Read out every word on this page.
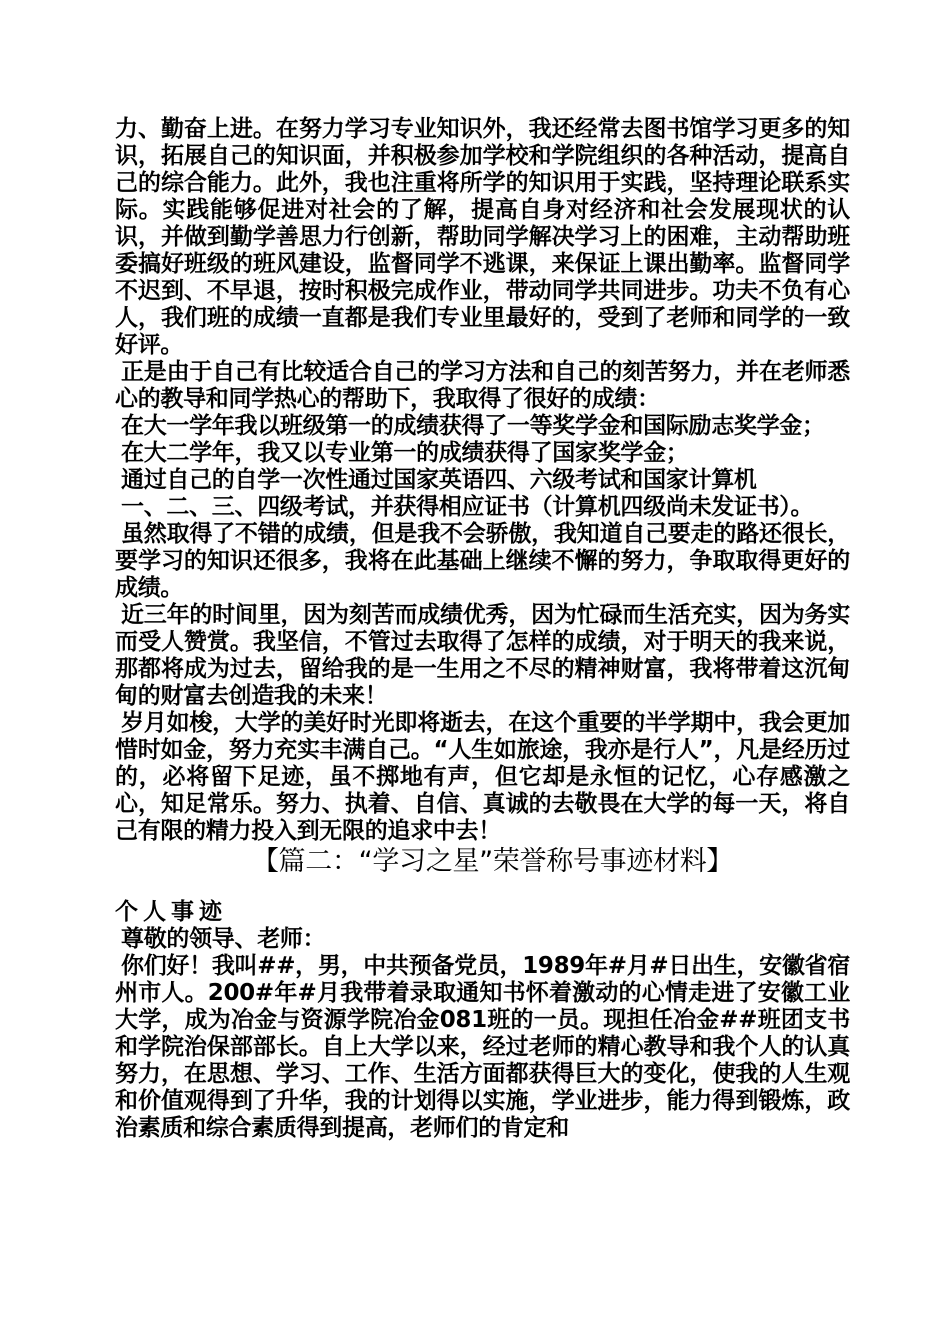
力、勤奋上进。在努力学习专业知识外，我还经常去图书馆学习更多的知识，拓展自己的知识面，并积极参加学校和学院组织的各种活动，提高自己的综合能力。此外，我也注重将所学的知识用于实践，坚持理论联系实际。实践能够促进对社会的了解，提高自身对经济和社会发展现状的认识，并做到勤学善思力行创新，帮助同学解决学习上的困难，主动帮助班委搞好班级的班风建设，监督同学不逃课，来保证上课出勤率。监督同学不迟到、不早退，按时积极完成作业，带动同学共同进步。功夫不负有心人，我们班的成绩一直都是我们专业里最好的，受到了老师和同学的一致好评。

正是由于自己有比较适合自己的学习方法和自己的刻苦努力，并在老师悉心的教导和同学热心的帮助下，我取得了很好的成绩：

在大一学年我以班级第一的成绩获得了一等奖学金和国际励志奖学金；

在大二学年，我又以专业第一的成绩获得了国家奖学金；

通过自己的自学一次性通过国家英语四、六级考试和国家计算机

一、二、三、四级考试，并获得相应证书（计算机四级尚未发证书）。

虽然取得了不错的成绩，但是我不会骄傲，我知道自己要走的路还很长，要学习的知识还很多，我将在此基础上继续不懈的努力，争取取得更好的成绩。

近三年的时间里，因为刻苦而成绩优秀，因为忙碌而生活充实，因为务实而受人赞赏。我坚信，不管过去取得了怎样的成绩，对于明天的我来说，那都将成为过去，留给我的是一生用之不尽的精神财富，我将带着这沉甸甸的财富去创造我的未来！

岁月如梭，大学的美好时光即将逝去，在这个重要的半学期中，我会更加惜时如金，努力充实丰满自己。“人生如旅途，我亦是行人”，凡是经历过的，必将留下足迹，虽不掷地有声，但它却是永恒的记忆，心存感激之心，知足常乐。努力、执着、自信、真诚的去敬畏在大学的每一天，将自己有限的精力投入到无限的追求中去！

【篇二：“学习之星”荣誉称号事迹材料】

个人事迹

尊敬的领导、老师：

你们好！我叫##，男，中共预备党员，1989年#月#日出生，安徽省宿州市人。200#年#月我带着录取通知书怀着激动的心情走进了安徽工业大学，成为冶金与资源学院冶金081班的一员。现担任冶金##班团支书和学院治保部部长。自上大学以来，经过老师的精心教导和我个人的认真努力，在思想、学习、工作、生活方面都获得巨大的变化，使我的人生观和价值观得到了升华，我的计划得以实施，学业进步，能力得到锻炼，政治素质和综合素质得到提高，老师们的肯定和
